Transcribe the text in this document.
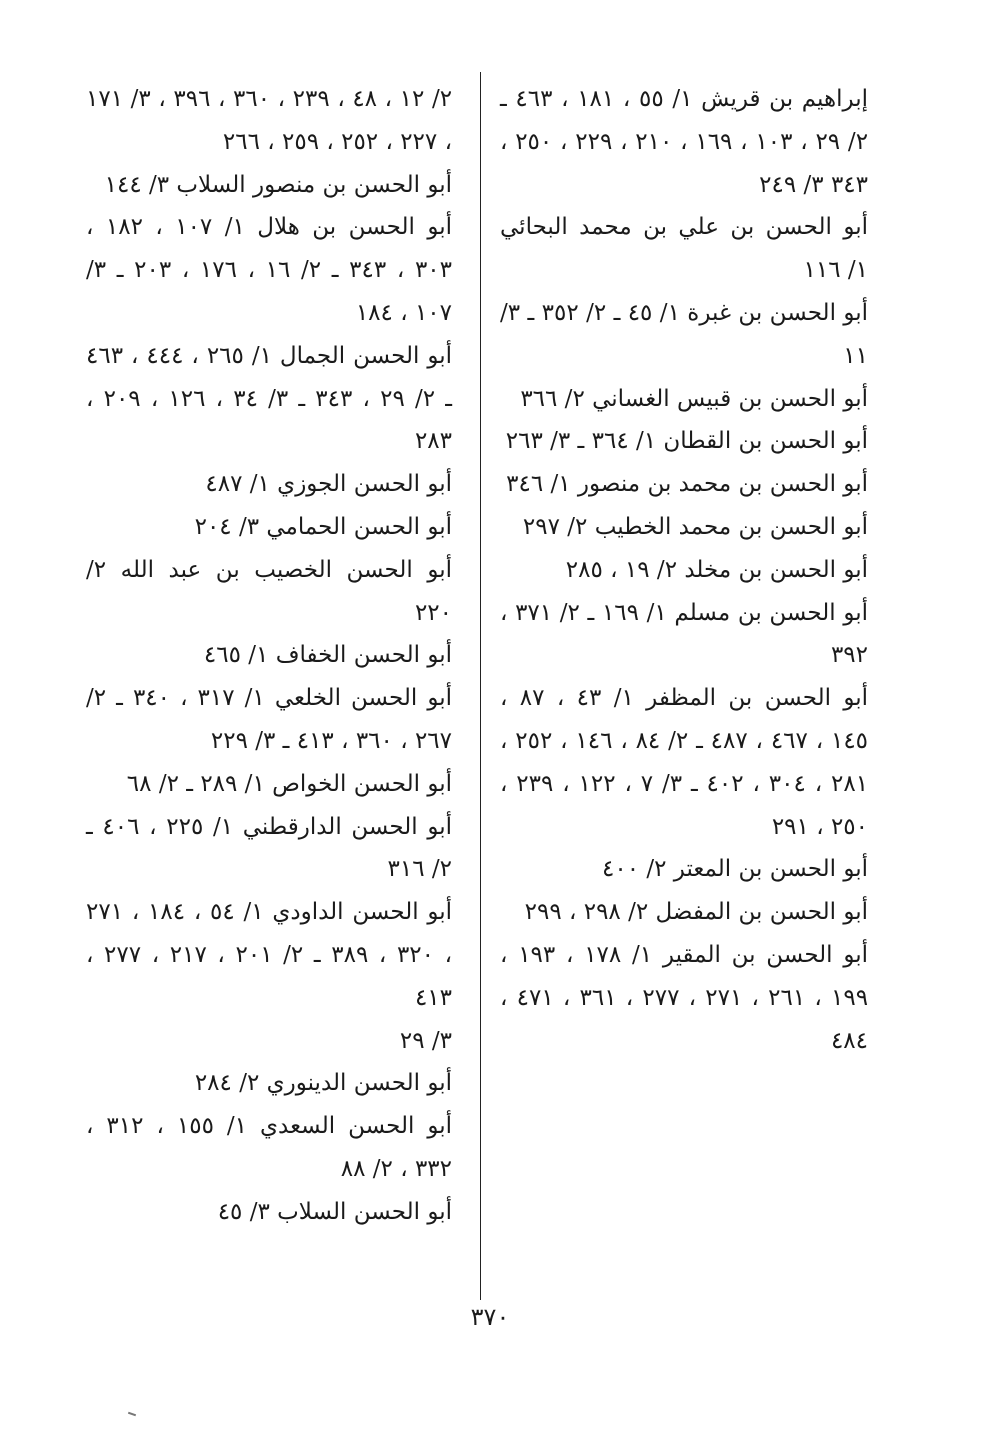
إبراهيم بن قريش ١/ ٥٥ ، ١٨١ ، ٤٦٣ ـ ٢/ ٢٩ ، ١٠٣ ، ١٦٩ ، ٢١٠ ، ٢٢٩ ، ٢٥٠ ، ٣٤٣ ٣/ ٢٤٩

أبو الحسن بن علي بن محمد البحائي ١/ ١١٦

أبو الحسن بن غبرة ١/ ٤٥ ـ ٢/ ٣٥٢ ـ ٣/ ١١

أبو الحسن بن قبيس الغساني ٢/ ٣٦٦

أبو الحسن بن القطان ١/ ٣٦٤ ـ ٣/ ٢٦٣

أبو الحسن بن محمد بن منصور ١/ ٣٤٦

أبو الحسن بن محمد الخطيب ٢/ ٢٩٧

أبو الحسن بن مخلد ٢/ ١٩ ، ٢٨٥

أبو الحسن بن مسلم ١/ ١٦٩ ـ ٢/ ٣٧١ ، ٣٩٢

أبو الحسن بن المظفر ١/ ٤٣ ، ٨٧ ، ١٤٥ ، ٤٦٧ ، ٤٨٧ ـ ٢/ ٨٤ ، ١٤٦ ، ٢٥٢ ، ٢٨١ ، ٣٠٤ ، ٤٠٢ ـ ٣/ ٧ ، ١٢٢ ، ٢٣٩ ، ٢٥٠ ، ٢٩١

أبو الحسن بن المعتر ٢/ ٤٠٠

أبو الحسن بن المفضل ٢/ ٢٩٨ ، ٢٩٩

أبو الحسن بن المقير ١/ ١٧٨ ، ١٩٣ ، ١٩٩ ، ٢٦١ ، ٢٧١ ، ٢٧٧ ، ٣٦١ ، ٤٧١ ، ٤٨٤

٢/ ١٢ ، ٤٨ ، ٢٣٩ ، ٣٦٠ ، ٣٩٦ ، ٣/ ١٧١ ، ٢٢٧ ، ٢٥٢ ، ٢٥٩ ، ٢٦٦

أبو الحسن بن منصور السلاب ٣/ ١٤٤

أبو الحسن بن هلال ١/ ١٠٧ ، ١٨٢ ، ٣٠٣ ، ٣٤٣ ـ ٢/ ١٦ ، ١٧٦ ، ٢٠٣ ـ ٣/ ١٠٧ ، ١٨٤

أبو الحسن الجمال ١/ ٢٦٥ ، ٤٤٤ ، ٤٦٣ ـ ٢/ ٢٩ ، ٣٤٣ ـ ٣/ ٣٤ ، ١٢٦ ، ٢٠٩ ، ٢٨٣

أبو الحسن الجوزي ١/ ٤٨٧

أبو الحسن الحمامي ٣/ ٢٠٤

أبو الحسن الخصيب بن عبد الله ٢/ ٢٢٠

أبو الحسن الخفاف ١/ ٤٦٥

أبو الحسن الخلعي ١/ ٣١٧ ، ٣٤٠ ـ ٢/ ٢٦٧ ، ٣٦٠ ، ٤١٣ ـ ٣/ ٢٢٩

أبو الحسن الخواص ١/ ٢٨٩ ـ ٢/ ٦٨

أبو الحسن الدارقطني ١/ ٢٢٥ ، ٤٠٦ ـ ٢/ ٣١٦

أبو الحسن الداودي ١/ ٥٤ ، ١٨٤ ، ٢٧١ ، ٣٢٠ ، ٣٨٩ ـ ٢/ ٢٠١ ، ٢١٧ ، ٢٧٧ ، ٤١٣

٣/ ٢٩

أبو الحسن الدينوري ٢/ ٢٨٤

أبو الحسن السعدي ١/ ١٥٥ ، ٣١٢ ، ٣٣٢ ، ٢/ ٨٨

أبو الحسن السلاب ٣/ ٤٥

٣٧٠
